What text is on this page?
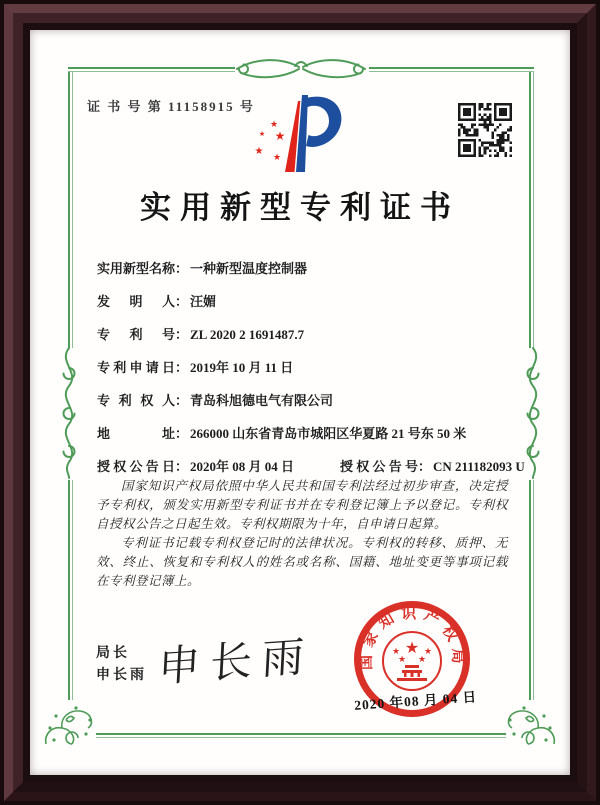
证 书 号 第 11158915 号
★
★ ★
★
★
实用新型专利证书
实用新型名称： 一种新型温度控制器
发明人： 汪媚
专利号： ZL 2020 2 1691487.7
专利申请日： 2019年 10 月 11 日
专利权人： 青岛科旭德电气有限公司
地址： 266000 山东省青岛市城阳区华夏路 21 号东 50 米
授权公告日： 2020年 08 月 04 日	授权公告号： CN 211182093 U

国家知识产权局依照中华人民共和国专利法经过初步审查，决定授予专利权，颁发实用新型专利证书并在专利登记簿上予以登记。专利权自授权公告之日起生效。专利权期限为十年，自申请日起算。

专利证书记载专利权登记时的法律状况。专利权的转移、质押、无效、终止、恢复和专利权人的姓名或名称、国籍、地址变更等事项记载在专利登记簿上。

局长
申长雨 申长雨	国家知识产权局
★
★	★
★ ★
2020 年08 月 04 日
